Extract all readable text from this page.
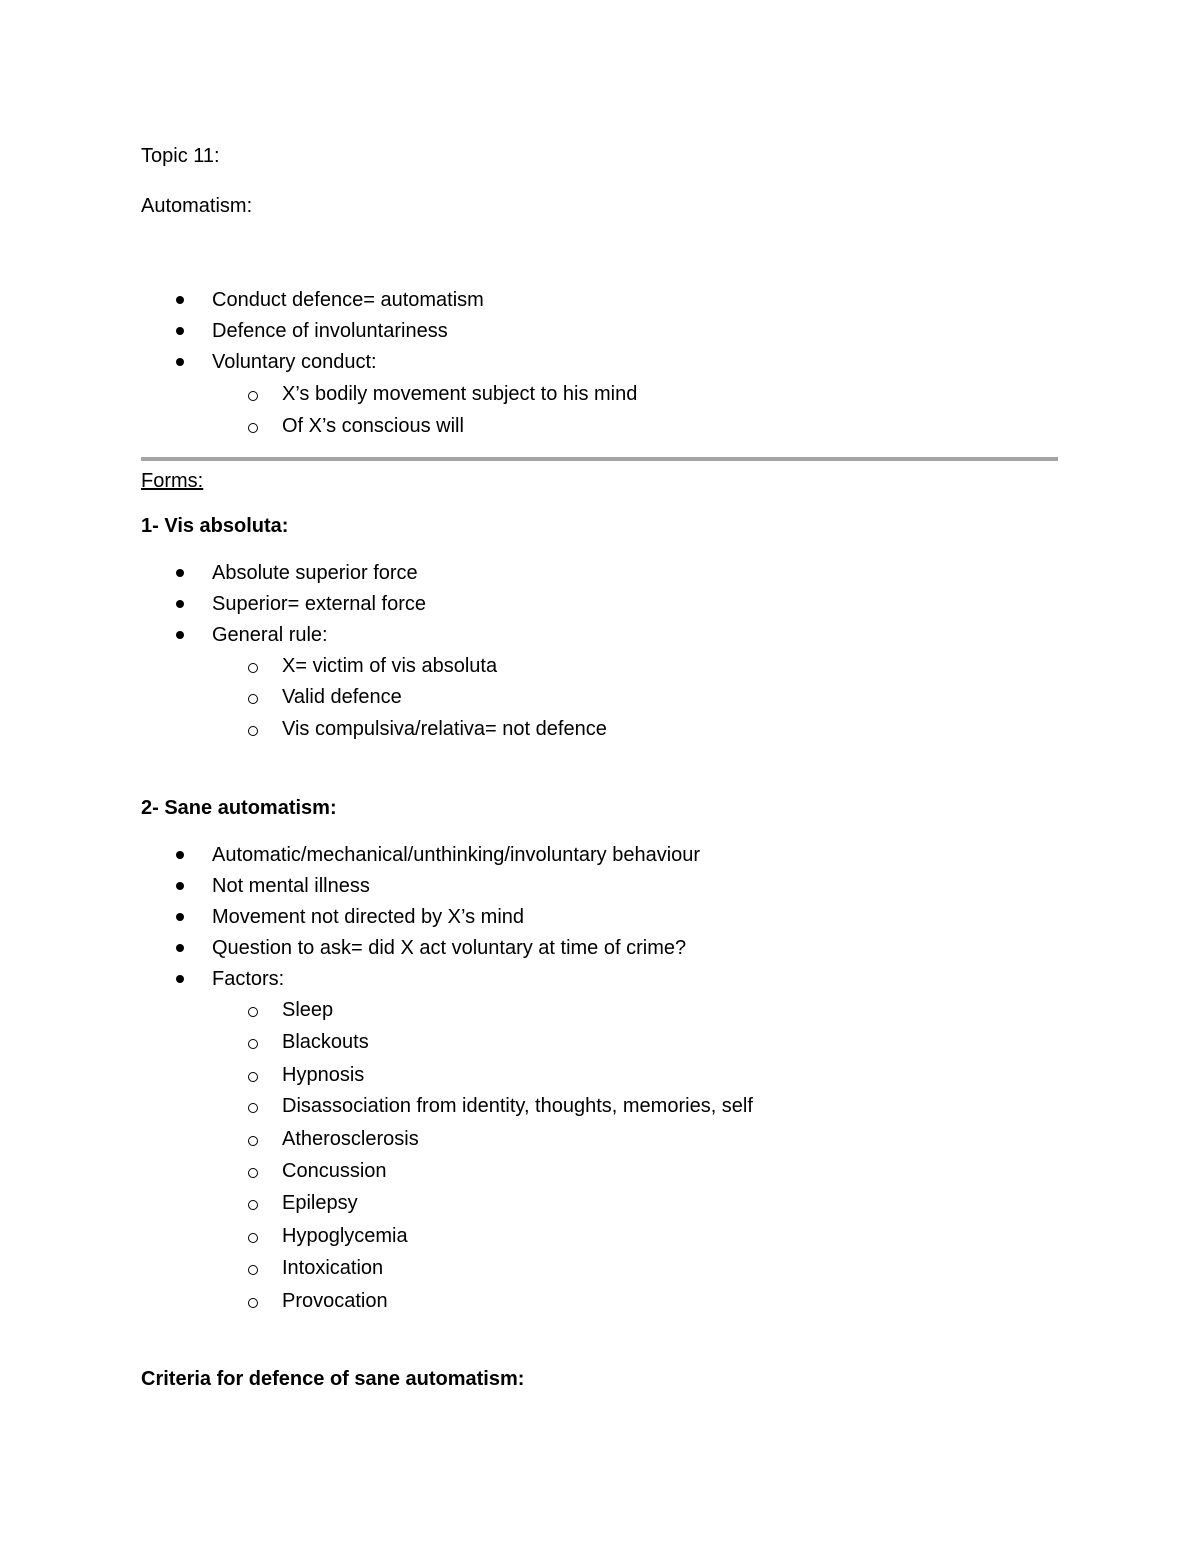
Topic 11:
Automatism:
Conduct defence= automatism
Defence of involuntariness
Voluntary conduct:
X’s bodily movement subject to his mind
Of X’s conscious will
Forms:
1- Vis absoluta:
Absolute superior force
Superior= external force
General rule:
X= victim of vis absoluta
Valid defence
Vis compulsiva/relativa= not defence
2- Sane automatism:
Automatic/mechanical/unthinking/involuntary behaviour
Not mental illness
Movement not directed by X’s mind
Question to ask= did X act voluntary at time of crime?
Factors:
Sleep
Blackouts
Hypnosis
Disassociation from identity, thoughts, memories, self
Atherosclerosis
Concussion
Epilepsy
Hypoglycemia
Intoxication
Provocation
Criteria for defence of sane automatism:
